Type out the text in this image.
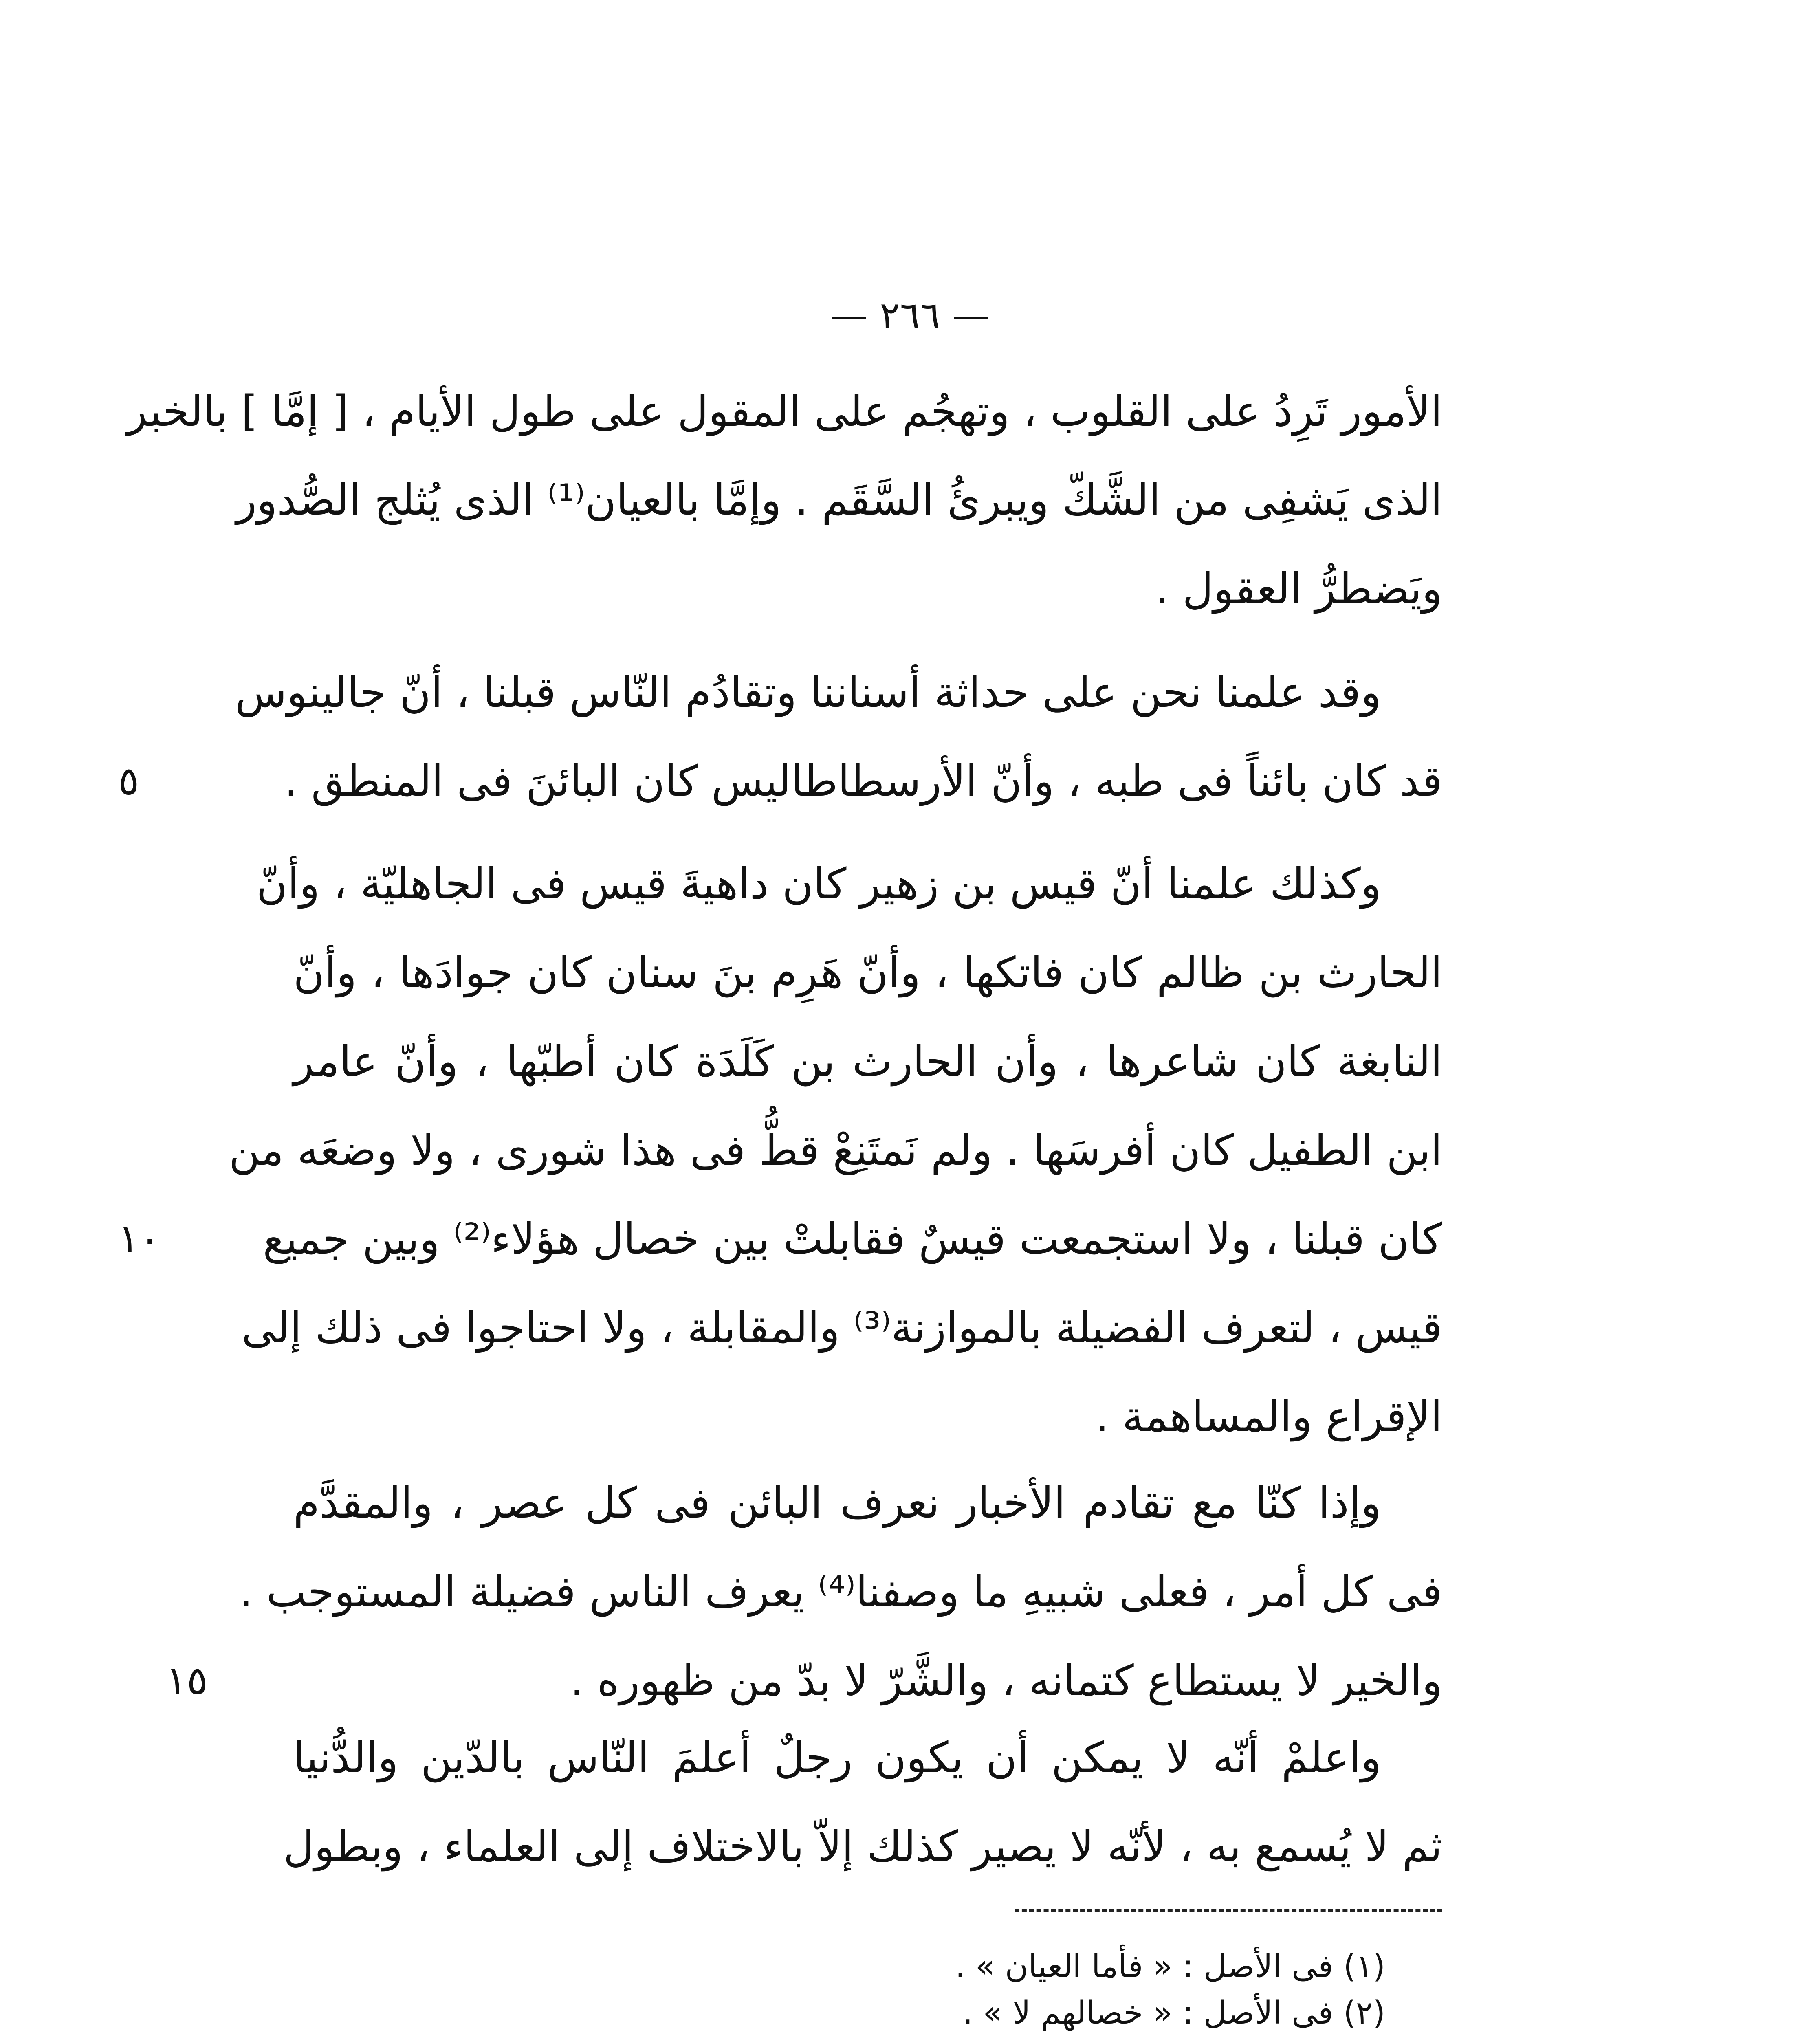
— ٢٦٦ —
الأمور تَرِدُ على القلوب ، وتهجُم على المقول على طول الأيام ، [ إمَّا ] بالخبر
الذى يَشفِى من الشَّكّ ويبرئُ السَّقَم . وإمَّا بالعيان⁽¹⁾ الذى يُثلج الصُّدور
ويَضطرُّ العقول .
وقد علمنا نحن على حداثة أسناننا وتقادُم النّاس قبلنا ، أنّ جالينوس
قد كان بائناً فى طبه ، وأنّ الأرسطاطاليس كان البائنَ فى المنطق .
٥
وكذلك علمنا أنّ قيس بن زهير كان داهيةَ قيس فى الجاهليّة ، وأنّ
الحارث بن ظالم كان فاتكها ، وأنّ هَرِم بنَ سنان كان جوادَها ، وأنّ
النابغة كان شاعرها ، وأن الحارث بن كَلَدَة كان أطبّها ، وأنّ عامر
ابن الطفيل كان أفرسَها . ولم نَمتَنِعْ قطُّ فى هذا شورى ، ولا وضعَه من
كان قبلنا ، ولا استجمعت قيسٌ فقابلتْ بين خصال هؤلاء⁽²⁾ وبين جميع
١٠
قيس ، لتعرف الفضيلة بالموازنة⁽³⁾ والمقابلة ، ولا احتاجوا فى ذلك إلى
الإقراع والمساهمة .
وإذا كنّا مع تقادم الأخبار نعرف البائن فى كل عصر ، والمقدَّم
فى كل أمر ، فعلى شبيهِ ما وصفنا⁽⁴⁾ يعرف الناس فضيلة المستوجب .
والخير لا يستطاع كتمانه ، والشَّرّ لا بدّ من ظهوره .
١٥
واعلمْ أنّه لا يمكن أن يكون رجلٌ أعلمَ النّاس بالدّين والدُّنيا
ثم لا يُسمع به ، لأنّه لا يصير كذلك إلاّ بالاختلاف إلى العلماء ، وبطول
(١) فى الأصل : « فأما العيان » .
(٢) فى الأصل : « خصالهم لا » .
